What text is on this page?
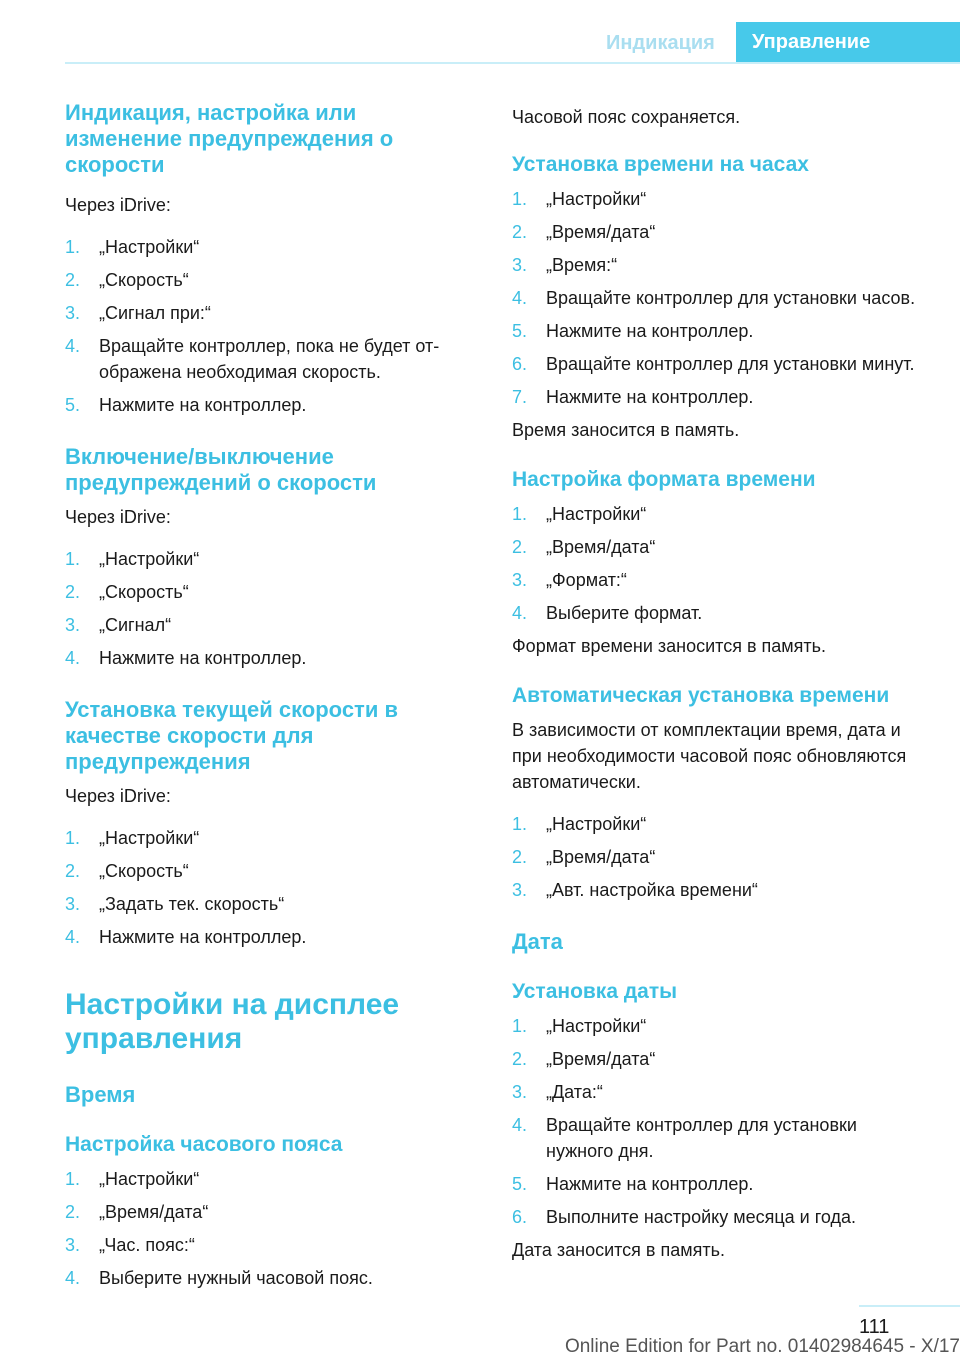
Индикация	Управление
Индикация, настройка или изменение предупреждения о скорости

Через iDrive:

1. „Настройки“
2. „Скорость“
3. „Сигнал при:“
4. Вращайте контроллер, пока не будет отображена необходимая скорость.
5. Нажмите на контроллер.
Включение/выключение предупреждений о скорости

Через iDrive:

1. „Настройки“
2. „Скорость“
3. „Сигнал“
4. Нажмите на контроллер.
Установка текущей скорости в качестве скорости для предупреждения

Через iDrive:

1. „Настройки“
2. „Скорость“
3. „Задать тек. скорость“
4. Нажмите на контроллер.
Настройки на дисплее управления
Время
Настройка часового пояса
1. „Настройки“
2. „Время/дата“
3. „Час. пояс:“
4. Выберите нужный часовой пояс.

Часовой пояс сохраняется.

Установка времени на часах
1. „Настройки“
2. „Время/дата“
3. „Время:“
4. Вращайте контроллер для установки часов.
5. Нажмите на контроллер.
6. Вращайте контроллер для установки минут.
7. Нажмите на контроллер.

Время заносится в память.

Настройка формата времени
1. „Настройки“
2. „Время/дата“
3. „Формат:“
4. Выберите формат.

Формат времени заносится в память.

Автоматическая установка времени

В зависимости от комплектации время, дата и при необходимости часовой пояс обновляются автоматически.

1. „Настройки“
2. „Время/дата“
3. „Авт. настройка времени“
Дата
Установка даты
1. „Настройки“
2. „Время/дата“
3. „Дата:“
4. Вращайте контроллер для установки нужного дня.
5. Нажмите на контроллер.
6. Выполните настройку месяца и года.

Дата заносится в память.

111
Online Edition for Part no. 01402984645 - X/17
